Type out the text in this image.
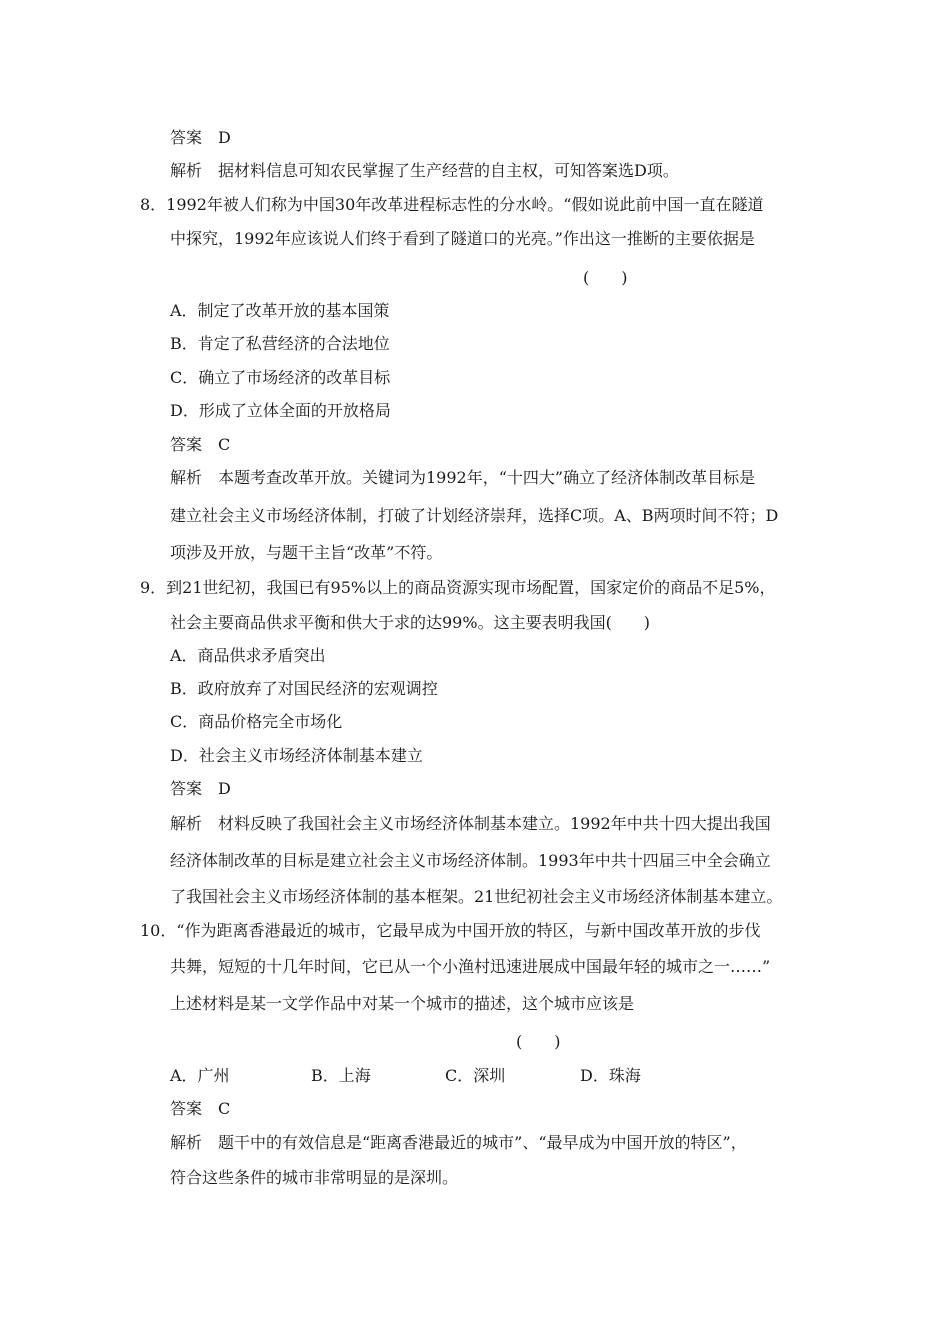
答案　D
解析　据材料信息可知农民掌握了生产经营的自主权，可知答案选D项。
8．1992年被人们称为中国30年改革进程标志性的分水岭。“假如说此前中国一直在隧道
中探究，1992年应该说人们终于看到了隧道口的光亮。”作出这一推断的主要依据是
(　　)
A．制定了改革开放的基本国策
B．肯定了私营经济的合法地位
C．确立了市场经济的改革目标
D．形成了立体全面的开放格局
答案　C
解析　本题考查改革开放。关键词为1992年，“十四大”确立了经济体制改革目标是
建立社会主义市场经济体制，打破了计划经济崇拜，选择C项。A、B两项时间不符；D
项涉及开放，与题干主旨“改革”不符。
9．到21世纪初，我国已有95%以上的商品资源实现市场配置，国家定价的商品不足5%，
社会主要商品供求平衡和供大于求的达99%。这主要表明我国(　　)
A．商品供求矛盾突出
B．政府放弃了对国民经济的宏观调控
C．商品价格完全市场化
D．社会主义市场经济体制基本建立
答案　D
解析　材料反映了我国社会主义市场经济体制基本建立。1992年中共十四大提出我国
经济体制改革的目标是建立社会主义市场经济体制。1993年中共十四届三中全会确立
了我国社会主义市场经济体制的基本框架。21世纪初社会主义市场经济体制基本建立。
10．“作为距离香港最近的城市，它最早成为中国开放的特区，与新中国改革开放的步伐
共舞，短短的十几年时间，它已从一个小渔村迅速进展成中国最年轻的城市之一……”
上述材料是某一文学作品中对某一个城市的描述，这个城市应该是
(　　)
A．广州	B．上海	C．深圳	D．珠海
答案　C
解析　题干中的有效信息是“距离香港最近的城市”、“最早成为中国开放的特区”，
符合这些条件的城市非常明显的是深圳。
